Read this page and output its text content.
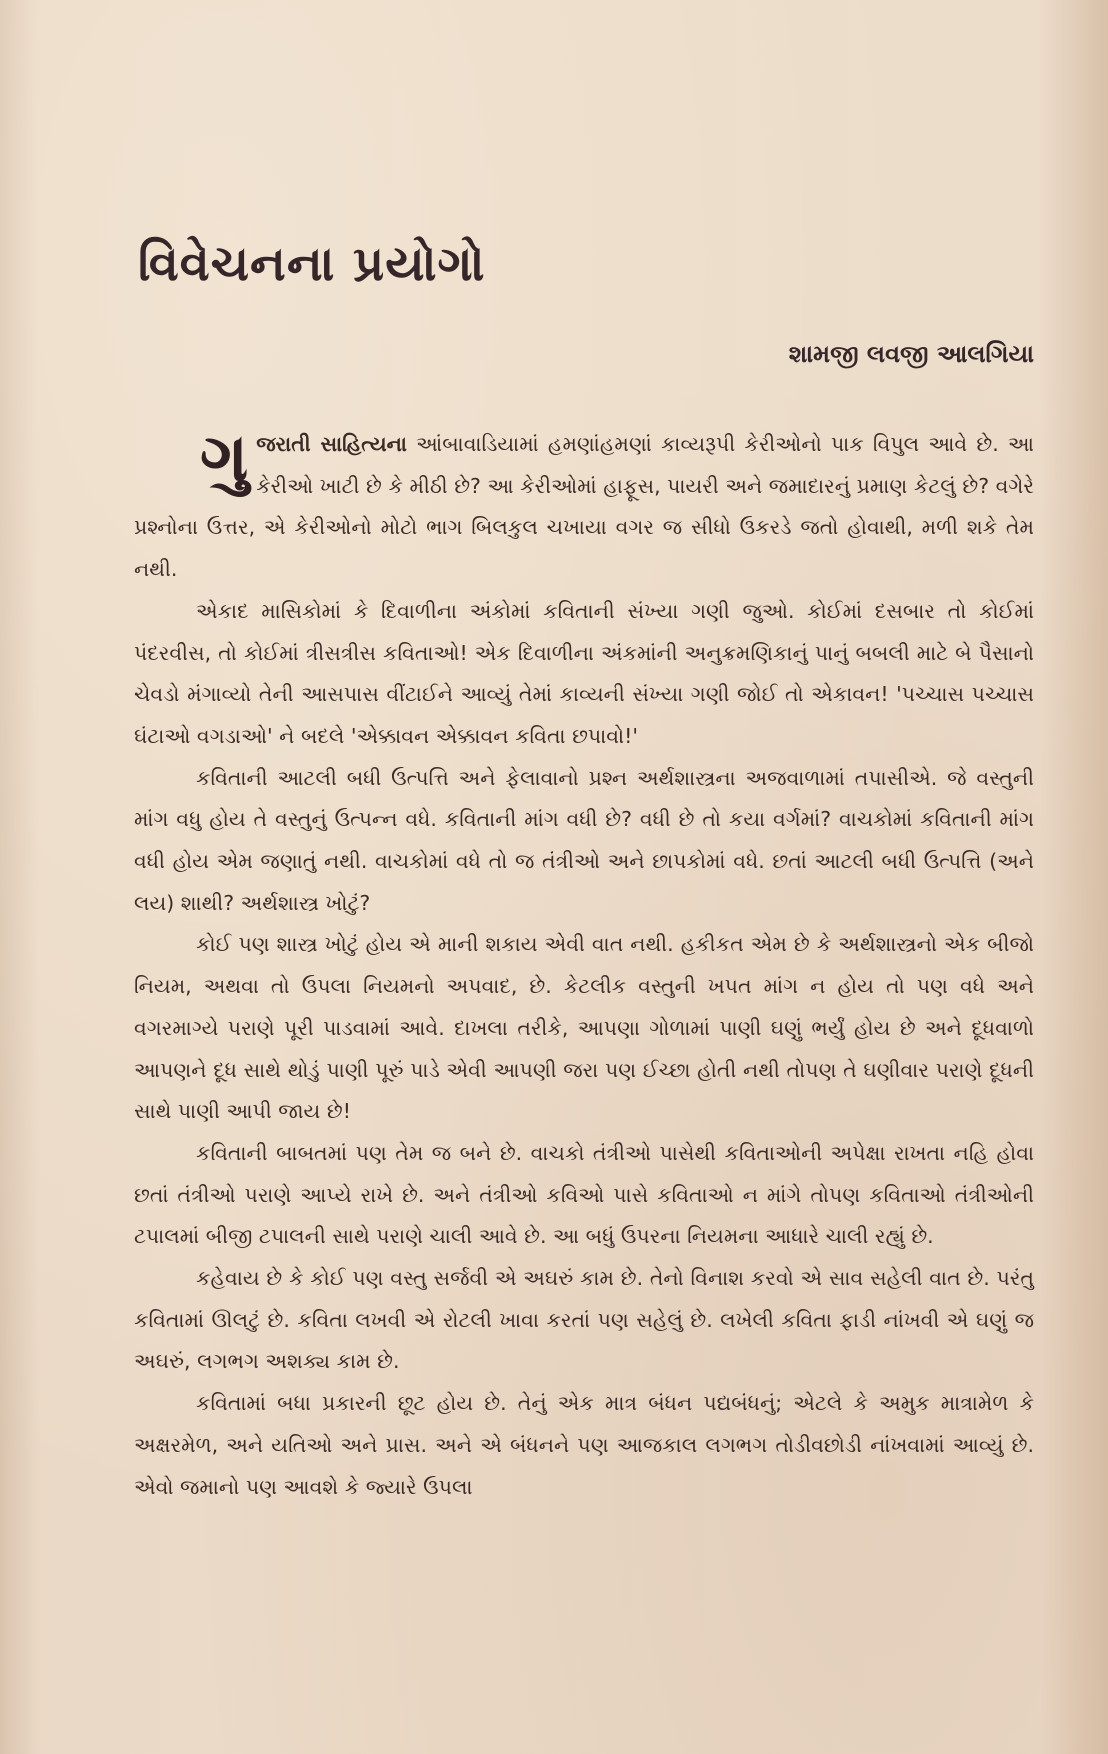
વિવેચનના પ્રયોગો
શામજી લવજી આલગિયા

ગુ જરાતી સાહિત્યના આંબાવાડિયામાં હમણાંહમણાં કાવ્યરૂપી કેરીઓનો પાક વિપુલ આવે છે. આ કેરીઓ ખાટી છે કે મીઠી છે? આ કેરીઓમાં હાફૂસ, પાયરી અને જમાદારનું પ્રમાણ કેટલું છે? વગેરે પ્રશ્નોના ઉત્તર, એ કેરીઓનો મોટો ભાગ બિલકુલ ચખાયા વગર જ સીધો ઉકરડે જતો હોવાથી, મળી શકે તેમ નથી.

એકાદ માસિકોમાં કે દિવાળીના અંકોમાં કવિતાની સંખ્યા ગણી જુઓ. કોઈમાં દસબાર તો કોઈમાં પંદરવીસ, તો કોઈમાં ત્રીસત્રીસ કવિતાઓ! એક દિવાળીના અંકમાંની અનુક્રમણિકાનું પાનું બબલી માટે બે પૈસાનો ચેવડો મંગાવ્યો તેની આસપાસ વીંટાઈને આવ્યું તેમાં કાવ્યની સંખ્યા ગણી જોઈ તો એકાવન! 'પચ્ચાસ પચ્ચાસ ઘંટાઓ વગડાઓ' ને બદલે 'એક્કાવન એક્કાવન કવિતા છપાવો!'

કવિતાની આટલી બધી ઉત્પત્તિ અને ફેલાવાનો પ્રશ્ન અર્થશાસ્ત્રના અજવાળામાં તપાસીએ. જે વસ્તુની માંગ વધુ હોય તે વસ્તુનું ઉત્પન્ન વધે. કવિતાની માંગ વધી છે? વધી છે તો કયા વર્ગમાં? વાચકોમાં કવિતાની માંગ વધી હોય એમ જણાતું નથી. વાચકોમાં વધે તો જ તંત્રીઓ અને છાપકોમાં વધે. છતાં આટલી બધી ઉત્પત્તિ (અને લય) શાથી? અર્થશાસ્ત્ર ખોટું?

કોઈ પણ શાસ્ત્ર ખોટું હોય એ માની શકાય એવી વાત નથી. હકીકત એમ છે કે અર્થશાસ્ત્રનો એક બીજો નિયમ, અથવા તો ઉપલા નિયમનો અપવાદ, છે. કેટલીક વસ્તુની ખપત માંગ ન હોય તો પણ વધે અને વગરમાગ્યે પરાણે પૂરી પાડવામાં આવે. દાખલા તરીકે, આપણા ગોળામાં પાણી ઘણું ભર્યું હોય છે અને દૂધવાળો આપણને દૂધ સાથે થોડું પાણી પૂરું પાડે એવી આપણી જરા પણ ઈચ્છા હોતી નથી તોપણ તે ઘણીવાર પરાણે દૂધની સાથે પાણી આપી જાય છે!

કવિતાની બાબતમાં પણ તેમ જ બને છે. વાચકો તંત્રીઓ પાસેથી કવિતાઓની અપેક્ષા રાખતા નહિ હોવા છતાં તંત્રીઓ પરાણે આપ્યે રાખે છે. અને તંત્રીઓ કવિઓ પાસે કવિતાઓ ન માંગે તોપણ કવિતાઓ તંત્રીઓની ટપાલમાં બીજી ટપાલની સાથે પરાણે ચાલી આવે છે. આ બધું ઉપરના નિયમના આધારે ચાલી રહ્યું છે.

કહેવાય છે કે કોઈ પણ વસ્તુ સર્જવી એ અઘરું કામ છે. તેનો વિનાશ કરવો એ સાવ સહેલી વાત છે. પરંતુ કવિતામાં ઊલટું છે. કવિતા લખવી એ રોટલી ખાવા કરતાં પણ સહેલું છે. લખેલી કવિતા ફાડી નાંખવી એ ઘણું જ અઘરું, લગભગ અશક્ય કામ છે.

કવિતામાં બધા પ્રકારની છૂટ હોય છે. તેનું એક માત્ર બંધન પદ્યબંધનું; એટલે કે અમુક માત્રામેળ કે અક્ષરમેળ, અને યતિઓ અને પ્રાસ. અને એ બંધનને પણ આજકાલ લગભગ તોડીવછોડી નાંખવામાં આવ્યું છે. એવો જમાનો પણ આવશે કે જ્યારે ઉપલા
